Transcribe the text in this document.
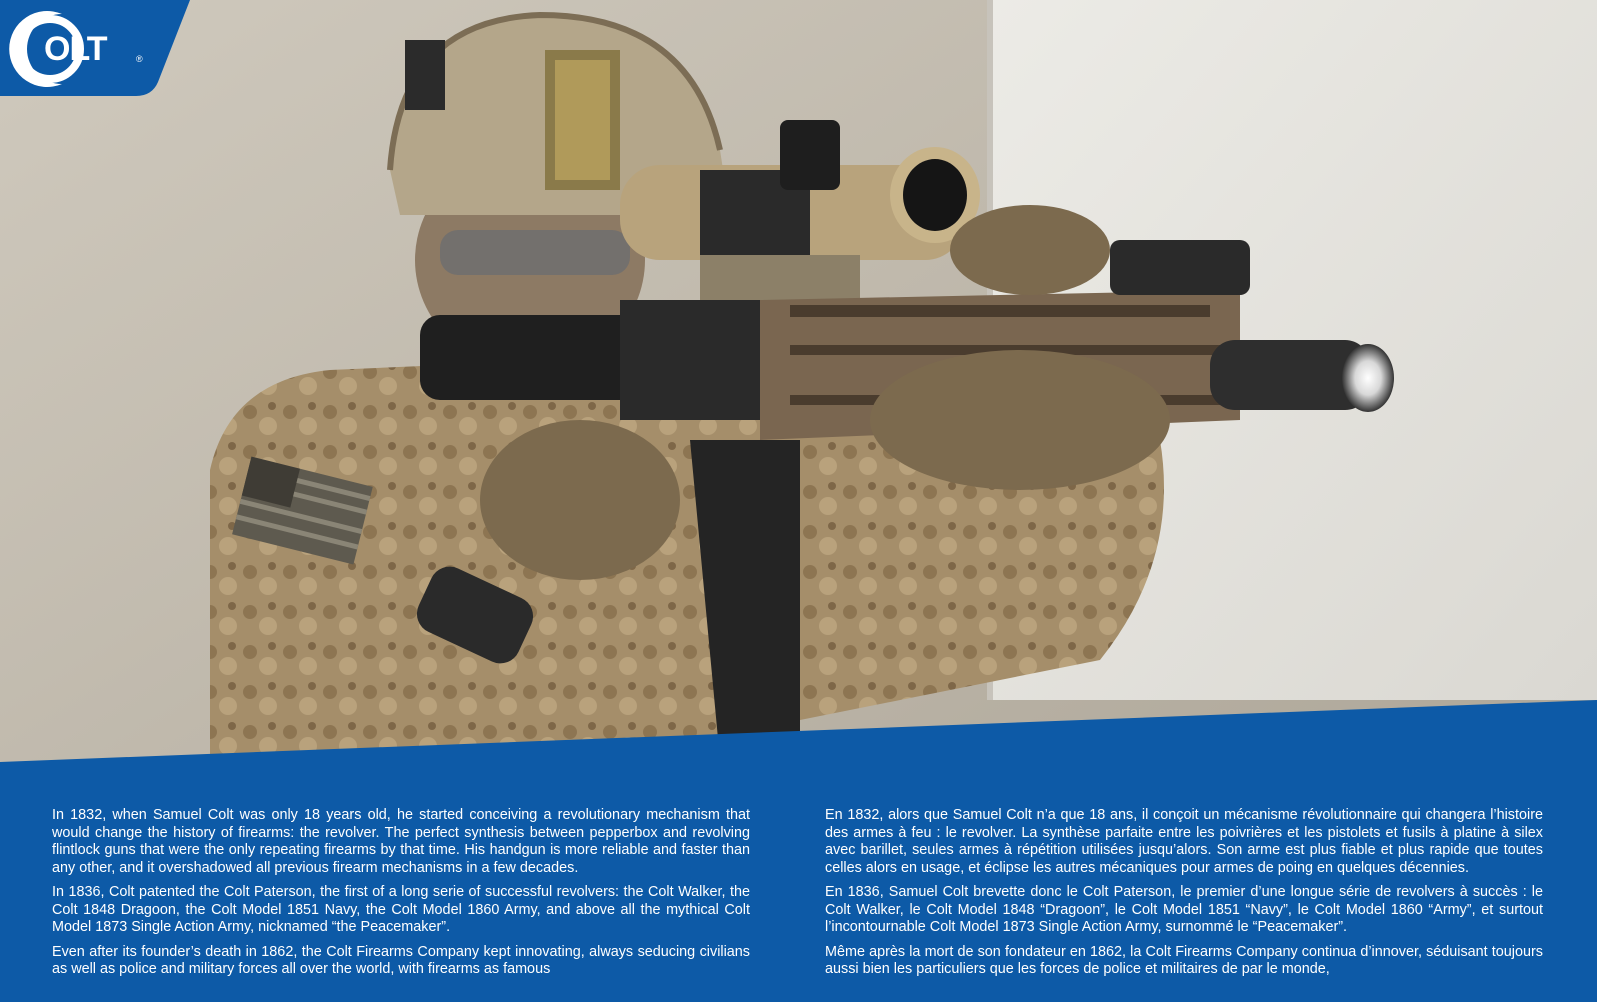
OLT	®

In 1832, when Samuel Colt was only 18 years old, he started conceiving a revolutionary mechanism that would change the history of firearms: the revolver. The perfect synthesis between pepperbox and revolving flintlock guns that were the only repeating firearms by that time. His handgun is more reliable and faster than any other, and it overshadowed all previous firearm mechanisms in a few decades.

In 1836, Colt patented the Colt Paterson, the first of a long serie of successful revolvers: the Colt Walker, the Colt 1848 Dragoon, the Colt Model 1851 Navy, the Colt Model 1860 Army, and above all the mythical Colt Model 1873 Single Action Army, nicknamed “the Peacemaker”.

Even after its founder’s death in 1862, the Colt Firearms Company kept innovating, always seducing civilians as well as police and military forces all over the world, with firearms as famous

En 1832, alors que Samuel Colt n’a que 18 ans, il conçoit un mécanisme révolutionnaire qui changera l’histoire des armes à feu : le revolver. La synthèse parfaite entre les poivrières et les pistolets et fusils à platine à silex avec barillet, seules armes à répétition utilisées jusqu’alors. Son arme est plus fiable et plus rapide que toutes celles alors en usage, et éclipse les autres mécaniques pour armes de poing en quelques décennies.

En 1836, Samuel Colt brevette donc le Colt Paterson, le premier d’une longue série de revolvers à succès : le Colt Walker, le Colt Model 1848 “Dragoon”, le Colt Model 1851 “Navy”, le Colt Model 1860 “Army”, et surtout l’incontournable Colt Model 1873 Single Action Army, surnommé le “Peacemaker”.

Même après la mort de son fondateur en 1862, la Colt Firearms Company continua d’innover, séduisant toujours aussi bien les particuliers que les forces de police et militaires de par le monde,
